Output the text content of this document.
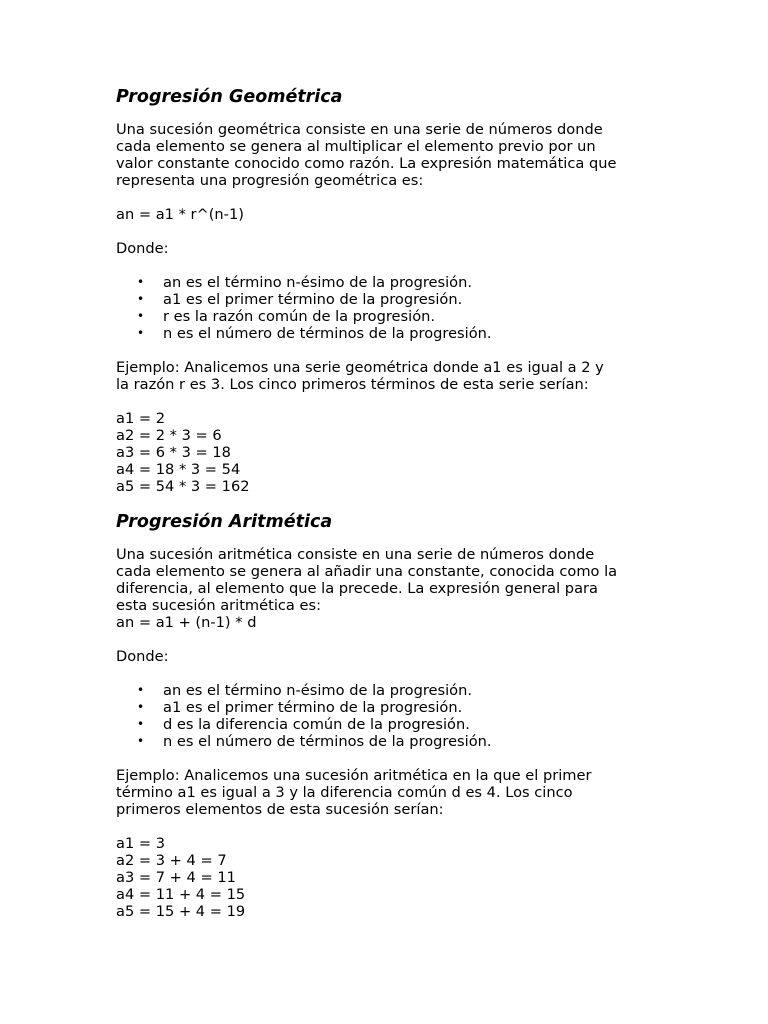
Progresión Geométrica

Una sucesión geométrica consiste en una serie de números donde
cada elemento se genera al multiplicar el elemento previo por un
valor constante conocido como razón. La expresión matemática que
representa una progresión geométrica es:

an = a1 * r^(n-1)

Donde:

• an es el término n-ésimo de la progresión.
• a1 es el primer término de la progresión.
• r es la razón común de la progresión.
• n es el número de términos de la progresión.

Ejemplo: Analicemos una serie geométrica donde a1 es igual a 2 y
la razón r es 3. Los cinco primeros términos de esta serie serían:

a1 = 2
a2 = 2 * 3 = 6
a3 = 6 * 3 = 18
a4 = 18 * 3 = 54
a5 = 54 * 3 = 162

Progresión Aritmética

Una sucesión aritmética consiste en una serie de números donde
cada elemento se genera al añadir una constante, conocida como la
diferencia, al elemento que la precede. La expresión general para
esta sucesión aritmética es:
an = a1 + (n-1) * d

Donde:

• an es el término n-ésimo de la progresión.
• a1 es el primer término de la progresión.
• d es la diferencia común de la progresión.
• n es el número de términos de la progresión.

Ejemplo: Analicemos una sucesión aritmética en la que el primer
término a1 es igual a 3 y la diferencia común d es 4. Los cinco
primeros elementos de esta sucesión serían:

a1 = 3
a2 = 3 + 4 = 7
a3 = 7 + 4 = 11
a4 = 11 + 4 = 15
a5 = 15 + 4 = 19
